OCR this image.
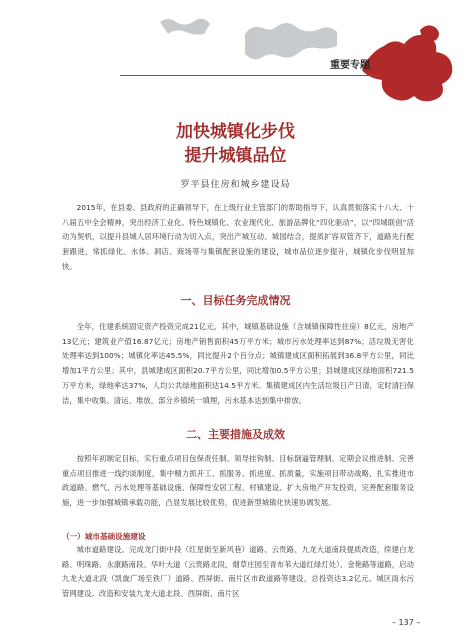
重要专题
加快城镇化步伐
提升城镇品位
罗平县住房和城乡建设局

2015年，在县委、县政府的正确领导下，在上级行业主管部门的帮助指导下，认真贯彻落实十八大、十八届五中全会精神，突出经济工业化、特色城镇化、农业现代化、旅游品牌化“四化驱动”，以“四城联创”活动为契机，以提升县城人居环境行动为切入点，突出产城互动、城园结合，提质扩容双管齐下，道路先行配套跟进，常抓绿化、水体、洞店、商场等与集镇配套设施的建设，城市品位逐步提升，城镇化步伐明显加快。

一、目标任务完成情况

全年，住建系统固定资产投资完成21亿元，其中，城镇基础设施（含城镇保障性住房）8亿元，房地产13亿元；建筑业产值16.87亿元；房地产销售面积45万平方米；城市污水处理率达到87%；活垃圾无害化处理率达到100%；城镇化率达45.5%，同比提升2个百分点；城镇建成区面积拓展到36.8平方公里，同比增加1平方公里；其中，县城建成区面积20.7平方公里，同比增加0.5平方公里；县城建成区绿地面积721.5万平方米，绿地率达37%，人均公共绿地面积达14.5平方米。集镇建成区内生活垃圾日产日清，定时清扫保洁，集中收集、清运、堆放，部分乡镇统一填埋，污水基本达到集中排放。

二、主要措施及成效

按照年初制定目标，实行重点项目包保责任制、领导挂钩制、目标倒逼管理制、定期会议推进制、完善重点项目推进一线约谈制度，集中精力抓开工、抓服务、抓进度、抓质量，实施项目带动战略，扎实推进市政道路、燃气、污水处理等基础设施、保障性安居工程、村镇建设、扩大房地产开发投资，完善配套服务设施，进一步加强城镇承载功能，凸显发展比较优势，促进新型城镇化快速协调发展。

（一）城市基础设施建设

城市道路建设。完成龙门街中段（红星街至新风巷）道路、云贵路、九龙大道南段提质改造，续建白龙路、明珠路、永康路南段、华叶大道（云贵路北段，烟草庄园至青布苇大道红绿灯处）、金艳路等道路，启动九龙大道北段（凯旋广场至铁厂）道路、西屏街、南片区市政道路等建设，总投资达3.2亿元。城区雨水污管网建设。改造和安装九龙大道北段、西屏街、南片区

– 137 –
